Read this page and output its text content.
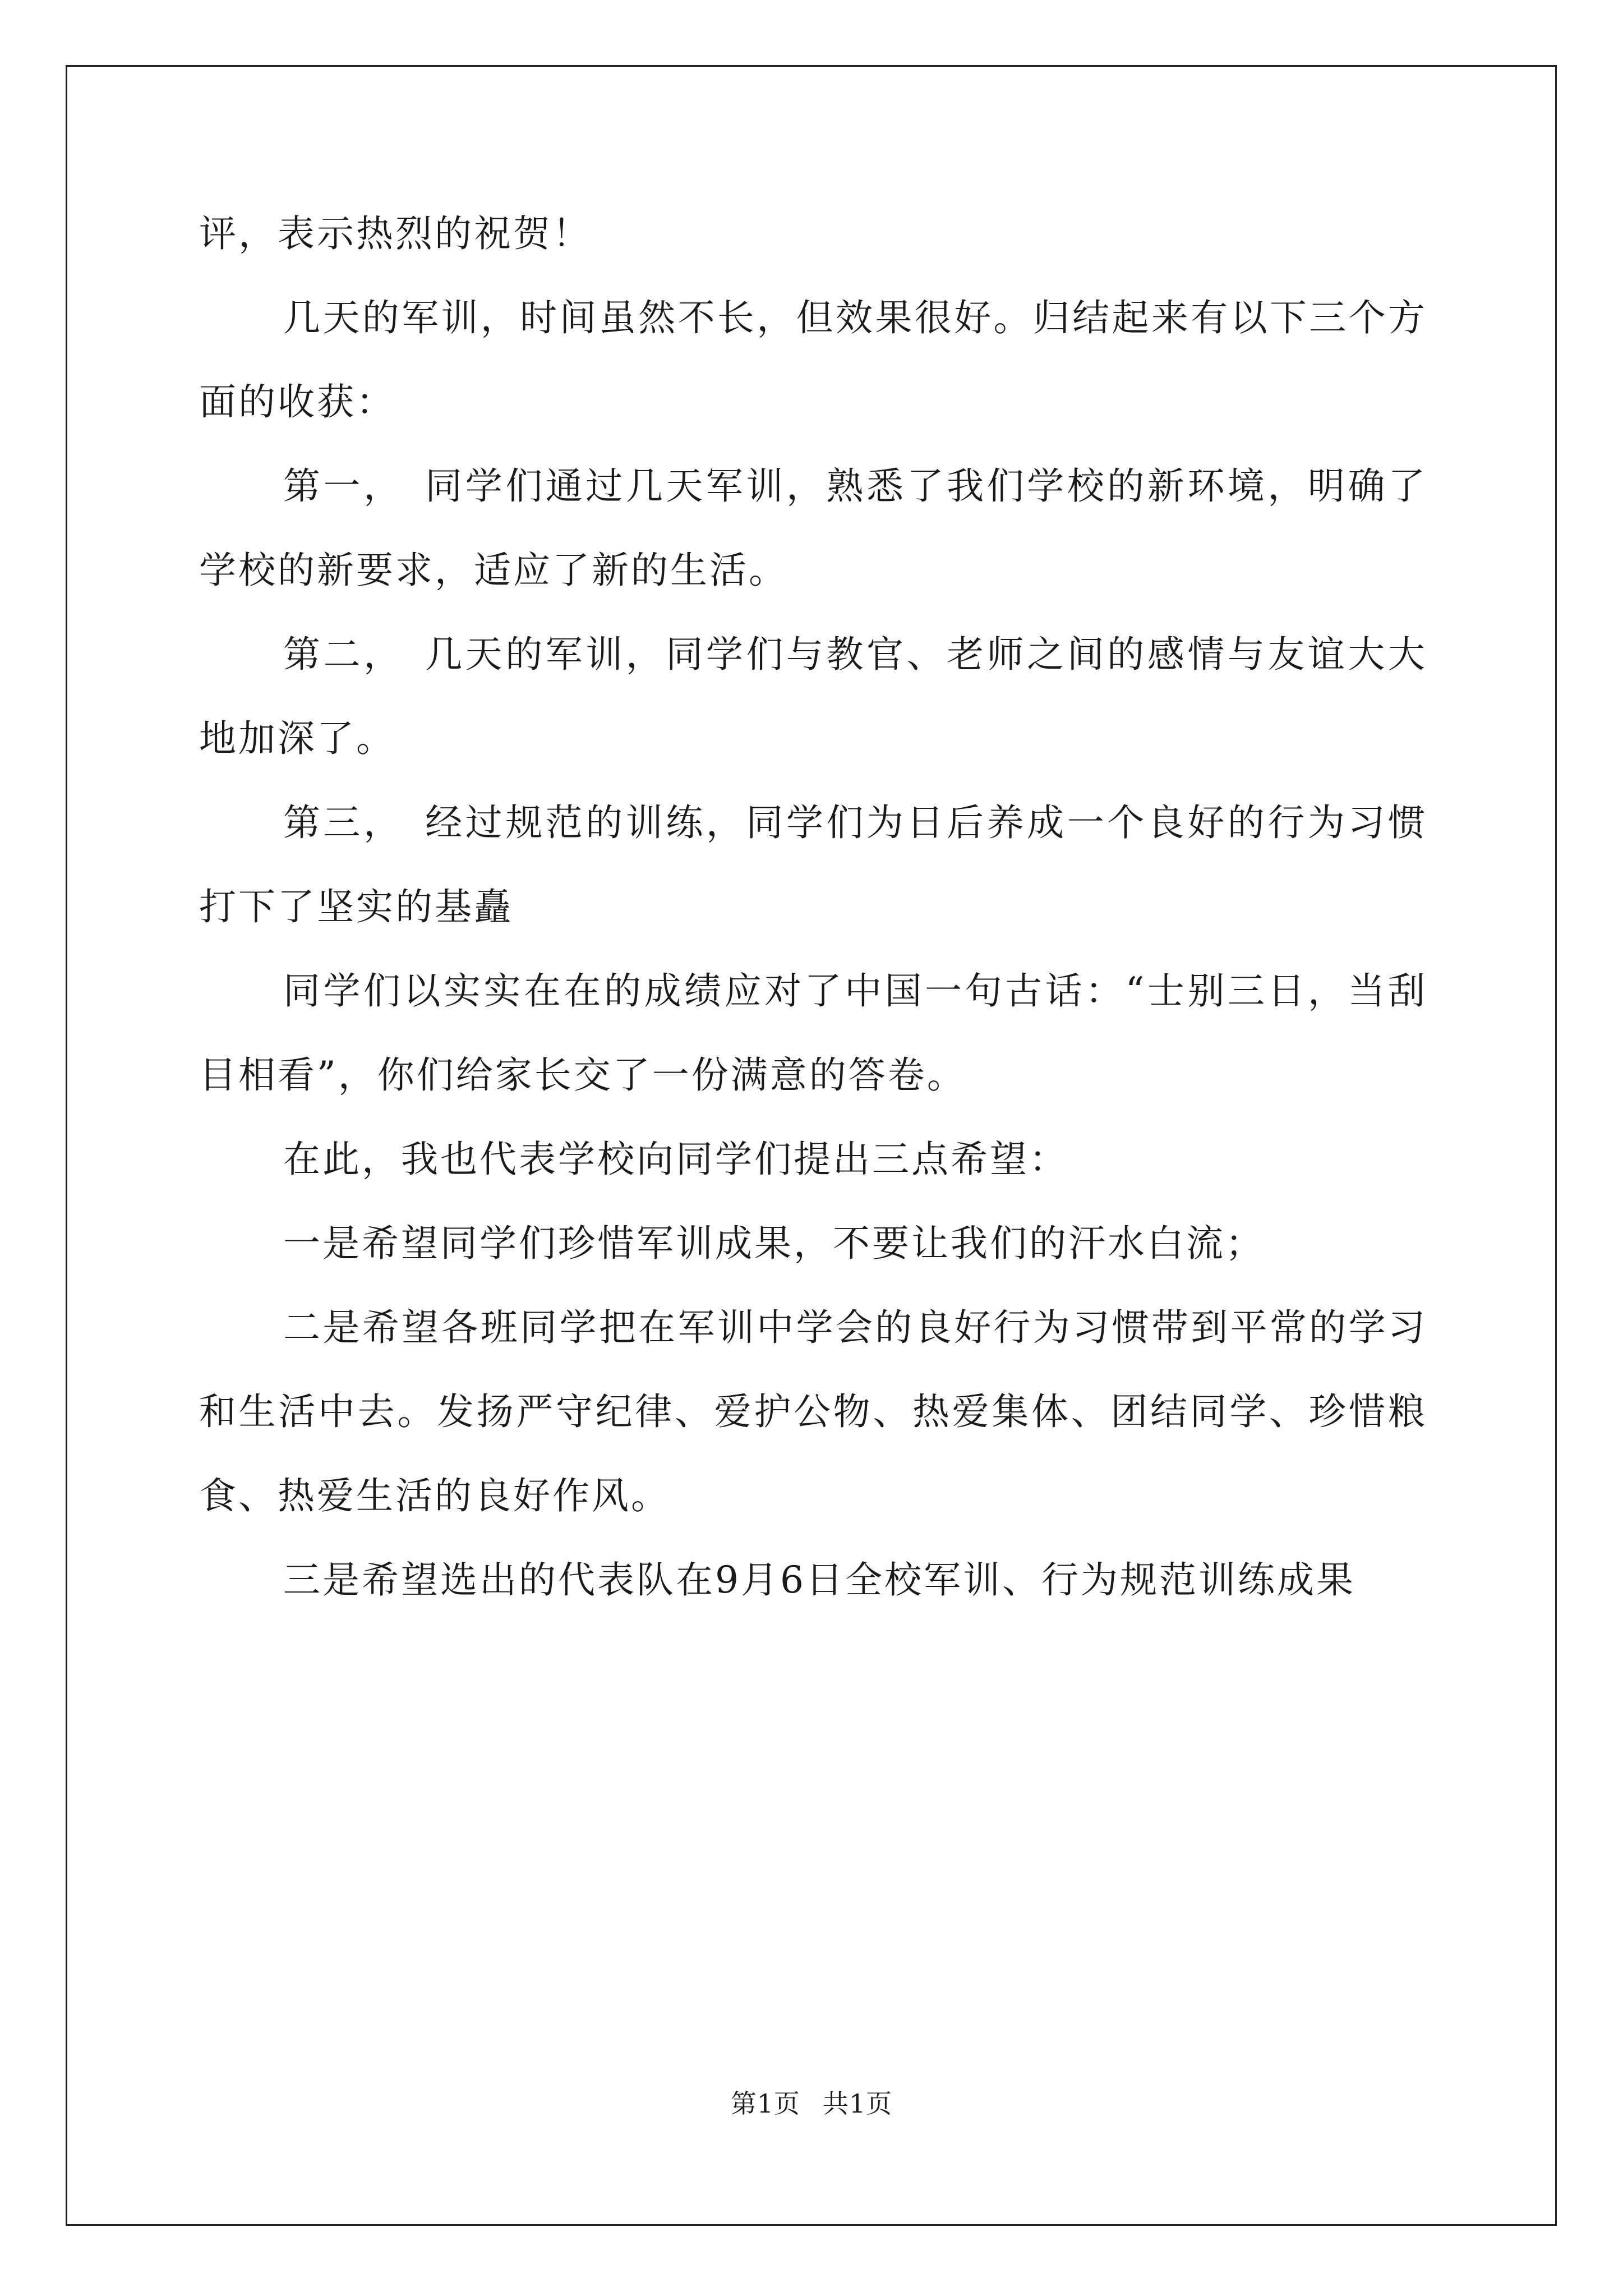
评，表示热烈的祝贺！

几天的军训，时间虽然不长，但效果很好。归结起来有以下三个方面的收获：

第一，　同学们通过几天军训，熟悉了我们学校的新环境，明确了学校的新要求，适应了新的生活。

第二，　几天的军训，同学们与教官、老师之间的感情与友谊大大地加深了。

第三，　经过规范的训练，同学们为日后养成一个良好的行为习惯打下了坚实的基矗

同学们以实实在在的成绩应对了中国一句古话：“士别三日，当刮目相看”，你们给家长交了一份满意的答卷。

在此，我也代表学校向同学们提出三点希望：

一是希望同学们珍惜军训成果，不要让我们的汗水白流；

二是希望各班同学把在军训中学会的良好行为习惯带到平常的学习和生活中去。发扬严守纪律、爱护公物、热爱集体、团结同学、珍惜粮食、热爱生活的良好作风。

三是希望选出的代表队在9月6日全校军训、行为规范训练成果

第1页 共1页
